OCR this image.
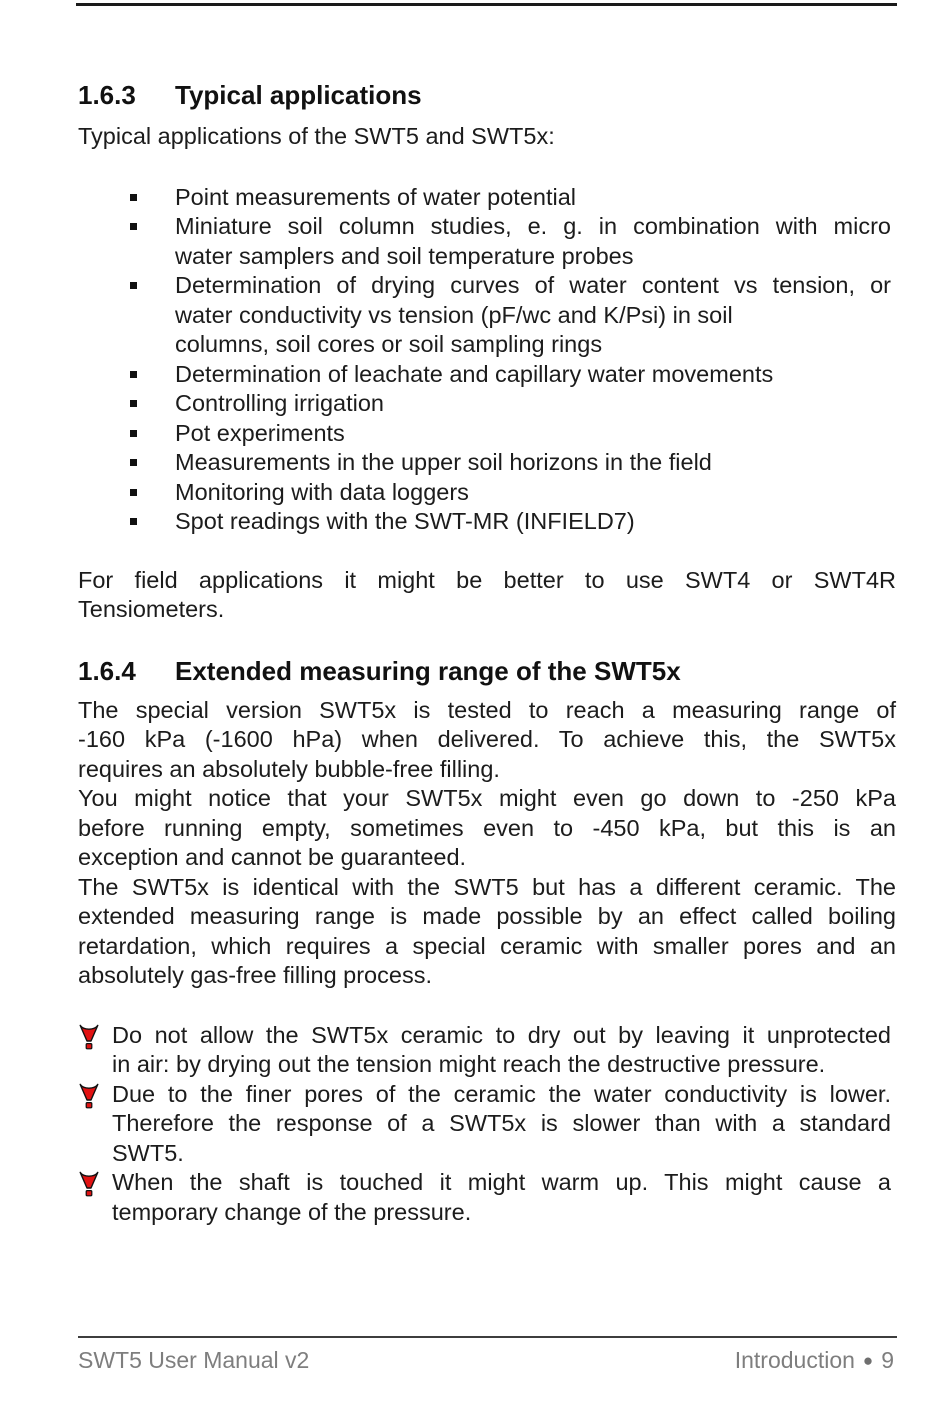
1.6.3	Typical applications
Typical applications of the SWT5 and SWT5x:
Point measurements of water potential
Miniature soil column studies, e. g. in combination with micro
water samplers and soil temperature probes
Determination of drying curves of water content vs tension, or
water conductivity vs tension (pF/wc and K/Psi) in soil
columns, soil cores or soil sampling rings
Determination of leachate and capillary water movements
Controlling irrigation
Pot experiments
Measurements in the upper soil horizons in the field
Monitoring with data loggers
Spot readings with the SWT-MR (INFIELD7)
For field applications it might be better to use SWT4 or SWT4R
Tensiometers.
1.6.4	Extended measuring range of the SWT5x
The special version SWT5x is tested to reach a measuring range of
-160 kPa (-1600 hPa) when delivered. To achieve this, the SWT5x
requires an absolutely bubble-free filling.
You might notice that your SWT5x might even go down to -250 kPa
before running empty, sometimes even to -450 kPa, but this is an
exception and cannot be guaranteed.
The SWT5x is identical with the SWT5 but has a different ceramic. The
extended measuring range is made possible by an effect called boiling
retardation, which requires a special ceramic with smaller pores and an
absolutely gas-free filling process.
Do not allow the SWT5x ceramic to dry out by leaving it unprotected
in air: by drying out the tension might reach the destructive pressure.
Due to the finer pores of the ceramic the water conductivity is lower.
Therefore the response of a SWT5x is slower than with a standard
SWT5.
When the shaft is touched it might warm up. This might cause a
temporary change of the pressure.
SWT5 User Manual v2	Introduction ● 9
